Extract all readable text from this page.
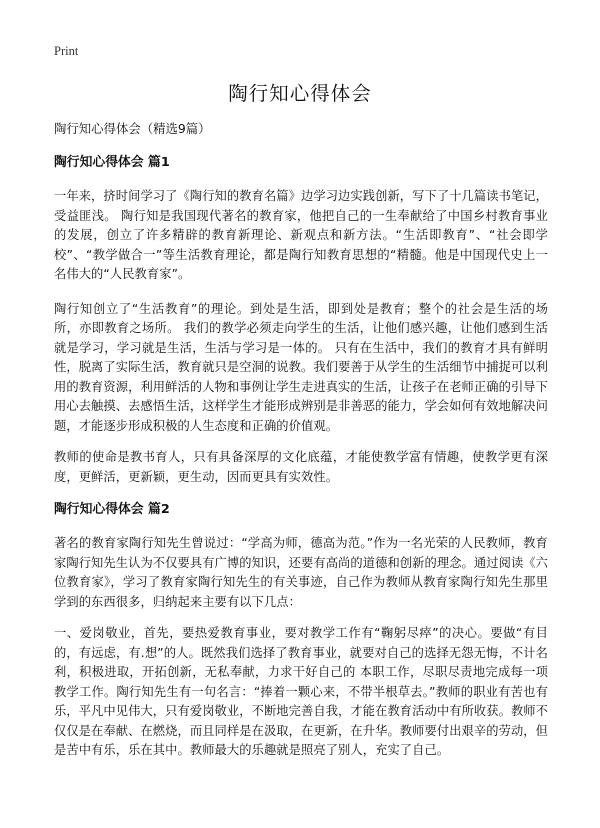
Print
陶行知心得体会
陶行知心得体会（精选9篇）
陶行知心得体会 篇1

一年来，挤时间学习了《陶行知的教育名篇》边学习边实践创新，写下了十几篇读书笔记，受益匪浅。 陶行知是我国现代著名的教育家，他把自己的一生奉献给了中国乡村教育事业的发展，创立了许多精辟的教育新理论、新观点和新方法。“生活即教育”、“社会即学校”、“教学做合一”等生活教育理论，都是陶行知教育思想的“精髓。他是中国现代史上一名伟大的“人民教育家”。

陶行知创立了“生活教育”的理论。到处是生活，即到处是教育；整个的社会是生活的场所，亦即教育之场所。 我们的教学必须走向学生的生活，让他们感兴趣，让他们感到生活就是学习，学习就是生活，生活与学习是一体的。 只有在生活中，我们的教育才具有鲜明性，脱离了实际生活，教育就只是空洞的说教。我们要善于从学生的生活细节中捕捉可以利用的教育资源，利用鲜活的人物和事例让学生走进真实的生活，让孩子在老师正确的引导下用心去触摸、去感悟生活，这样学生才能形成辨别是非善恶的能力，学会如何有效地解决问题，才能逐步形成积极的人生态度和正确的价值观。

教师的使命是教书育人，只有具备深厚的文化底蕴，才能使教学富有情趣，使教学更有深度，更鲜活，更新颖，更生动，因而更具有实效性。

陶行知心得体会 篇2

著名的教育家陶行知先生曾说过：“学高为师，德高为范。”作为一名光荣的人民教师，教育家陶行知先生认为不仅要具有广博的知识，还要有高尚的道德和创新的理念。通过阅读《六位教育家》，学习了教育家陶行知先生的有关事迹，自己作为教师从教育家陶行知先生那里学到的东西很多，归纳起来主要有以下几点：

一、爱岗敬业，首先，要热爱教育事业，要对教学工作有“鞠躬尽瘁”的决心。要做“有目的，有远虑，有.想”的人。既然我们选择了教育事业，就要对自己的选择无怨无悔，不计名利，积极进取，开拓创新，无私奉献，力求干好自己的 本职工作，尽职尽责地完成每一项教学工作。陶行知先生有一句名言：“捧着一颗心来，不带半根草去。”教师的职业有苦也有乐，平凡中见伟大，只有爱岗敬业，不断地完善自我，才能在教育活动中有所收获。教师不仅仅是在奉献、在燃烧，而且同样是在汲取，在更新，在升华。教师要付出艰辛的劳动，但是苦中有乐，乐在其中。教师最大的乐趣就是照亮了别人，充实了自己。
